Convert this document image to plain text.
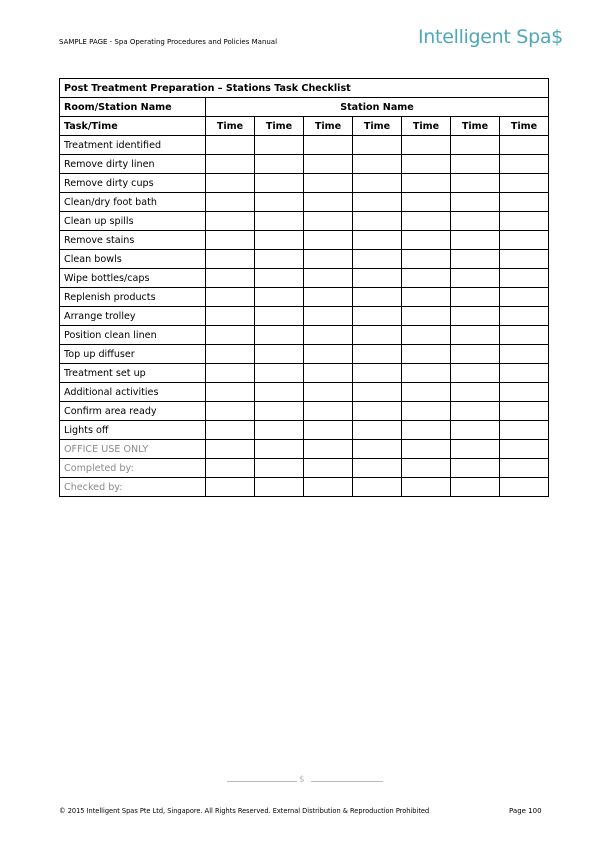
SAMPLE PAGE - Spa Operating Procedures and Policies Manual	Intelligent Spa$
Post Treatment Preparation – Stations Task Checklist							
Room/Station Name	Station Name						
Task/Time	Time	Time	Time	Time	Time	Time	Time
Treatment identified							
Remove dirty linen							
Remove dirty cups							
Clean/dry foot bath							
Clean up spills							
Remove stains							
Clean bowls							
Wipe bottles/caps							
Replenish products							
Arrange trolley							
Position clean linen							
Top up diffuser							
Treatment set up							
Additional activities							
Confirm area ready							
Lights off							
OFFICE USE ONLY							
Completed by:							
Checked by:							
$
© 2015 Intelligent Spas Pte Ltd, Singapore. All Rights Reserved. External Distribution & Reproduction Prohibited	Page 100
